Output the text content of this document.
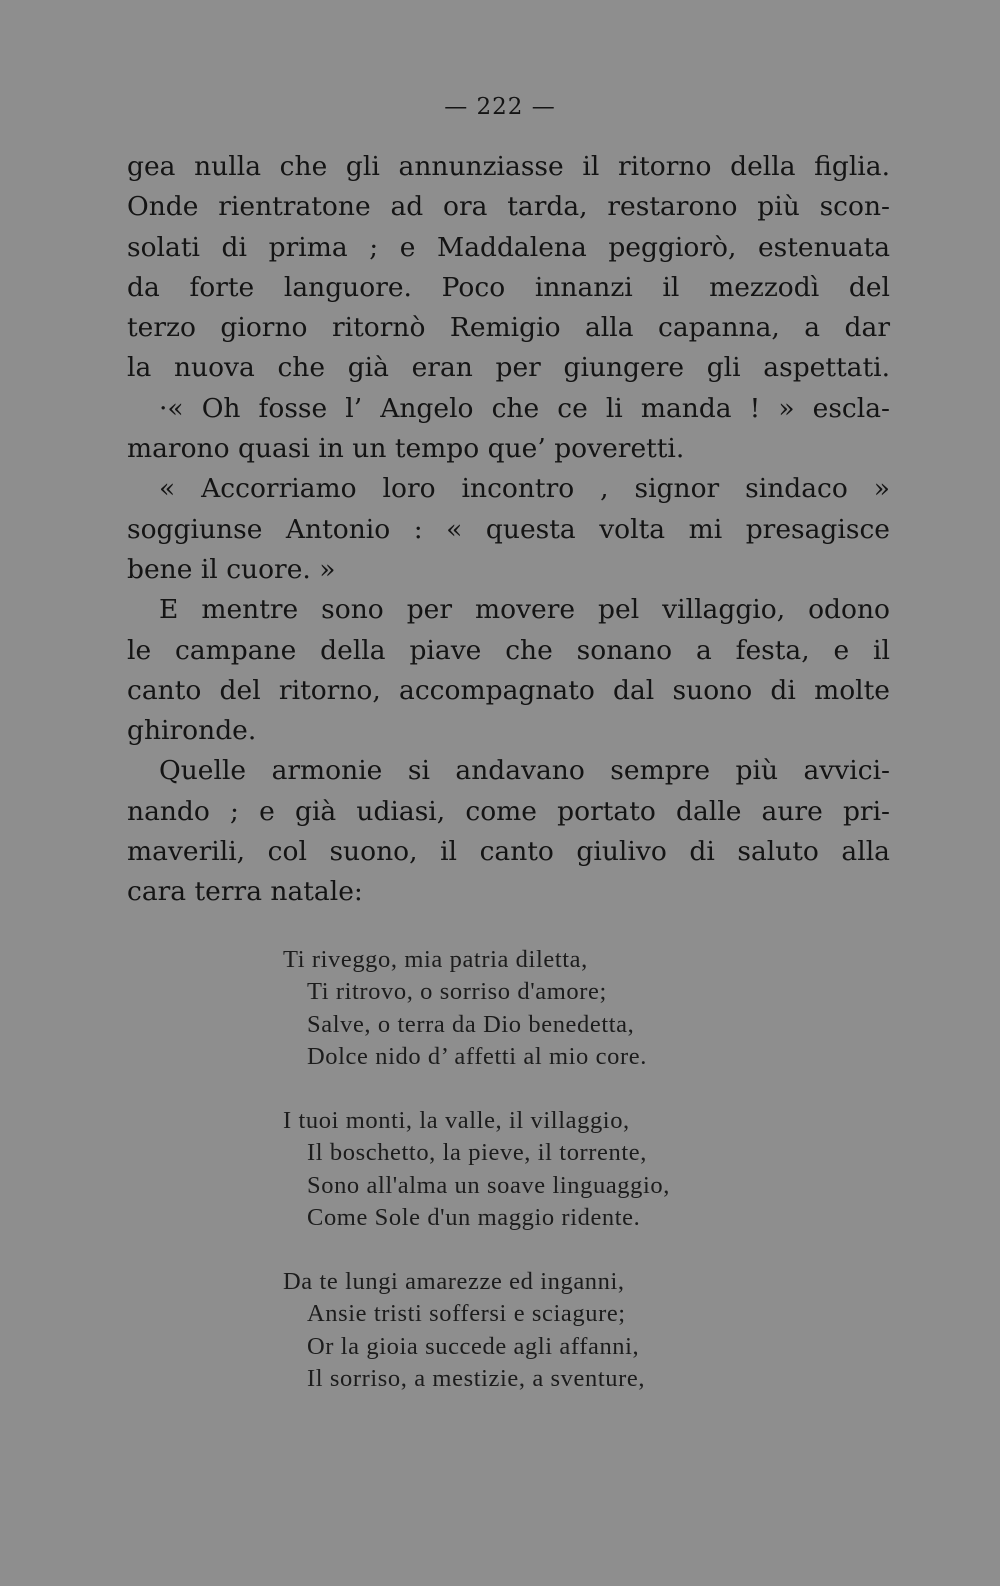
— 222 —
gea nulla che gli annunziasse il ritorno della figlia.
Onde rientratone ad ora tarda, restarono più scon-
solati di prima ; e Maddalena peggiorò, estenuata
da forte languore. Poco innanzi il mezzodì del
terzo giorno ritornò Remigio alla capanna, a dar
la nuova che già eran per giungere gli aspettati.
·« Oh fosse l’ Angelo che ce li manda ! » escla-
marono quasi in un tempo que’ poveretti.
« Accorriamo loro incontro , signor sindaco »
soggiunse Antonio : « questa volta mi presagisce
bene il cuore. »
E mentre sono per movere pel villaggio, odono
le campane della piave che sonano a festa, e il
canto del ritorno, accompagnato dal suono di molte
ghironde.
Quelle armonie si andavano sempre più avvici-
nando ; e già udiasi, come portato dalle aure pri-
maverili, col suono, il canto giulivo di saluto alla
cara terra natale:
Ti riveggo, mia patria diletta,
Ti ritrovo, o sorriso d'amore;
Salve, o terra da Dio benedetta,
Dolce nido d’ affetti al mio core.
I tuoi monti, la valle, il villaggio,
Il boschetto, la pieve, il torrente,
Sono all'alma un soave linguaggio,
Come Sole d'un maggio ridente.
Da te lungi amarezze ed inganni,
Ansie tristi soffersi e sciagure;
Or la gioia succede agli affanni,
Il sorriso, a mestizie, a sventure,
